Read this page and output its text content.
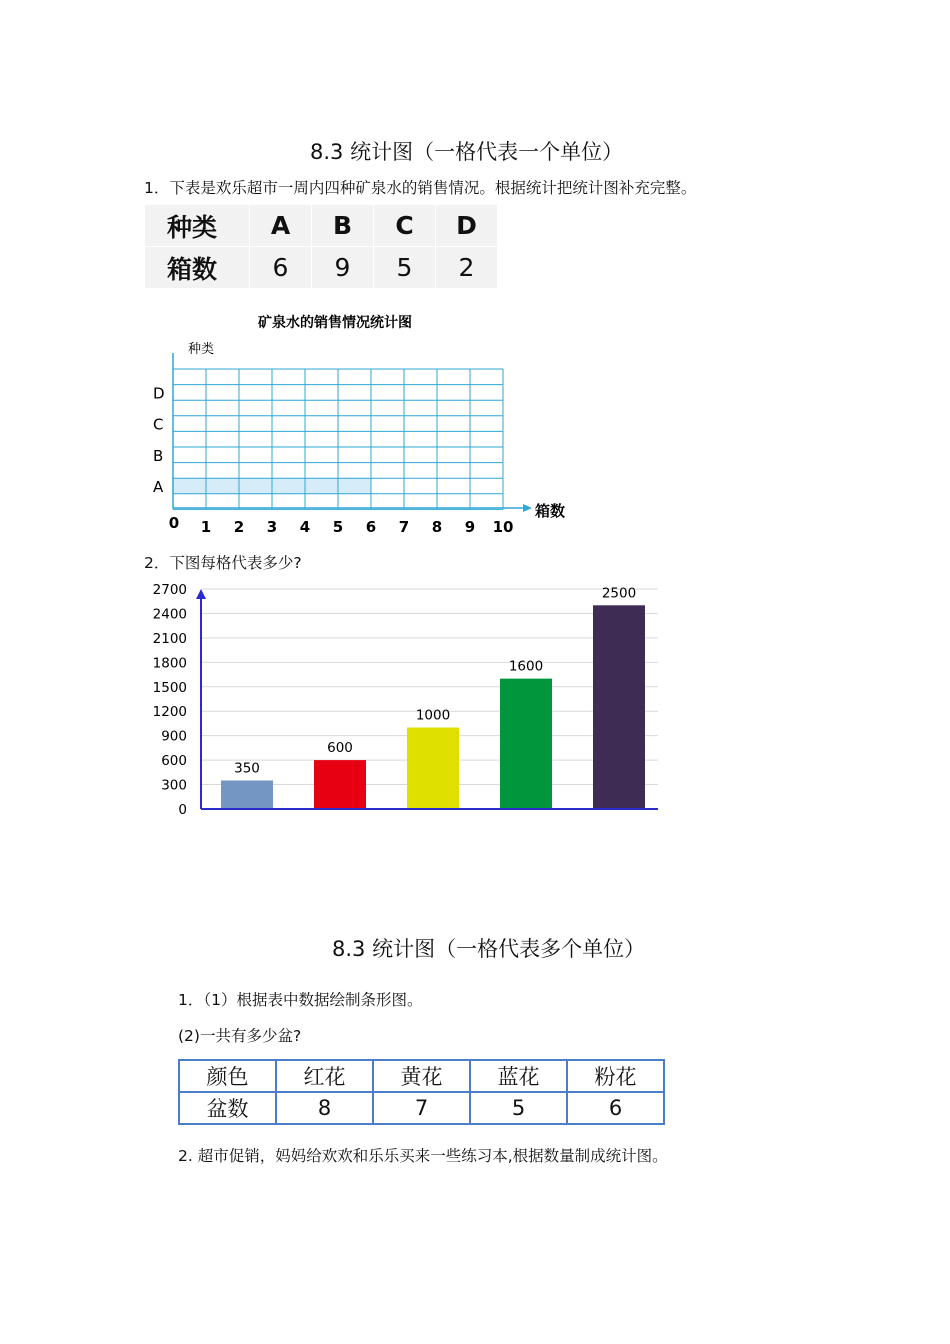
8.3 统计图（一格代表一个单位）
1．下表是欢乐超市一周内四种矿泉水的销售情况。根据统计把统计图补充完整。
种类	A	B	C	D
箱数	6	9	5	2
矿泉水的销售情况统计图
种类
箱数
A
B
C
D
0 1 2 3 4 5 6 7 8 9 10
2．下图每格代表多少?
0
300
600
900
1200
1500
1800
2100
2400
2700
350
600
1000
1600
2500
8.3 统计图（一格代表多个单位）
1．（1）根据表中数据绘制条形图。
(2)一共有多少盆?
颜色	红花	黄花	蓝花	粉花
盆数	8	7	5	6
2. 超市促销，妈妈给欢欢和乐乐买来一些练习本,根据数量制成统计图。
